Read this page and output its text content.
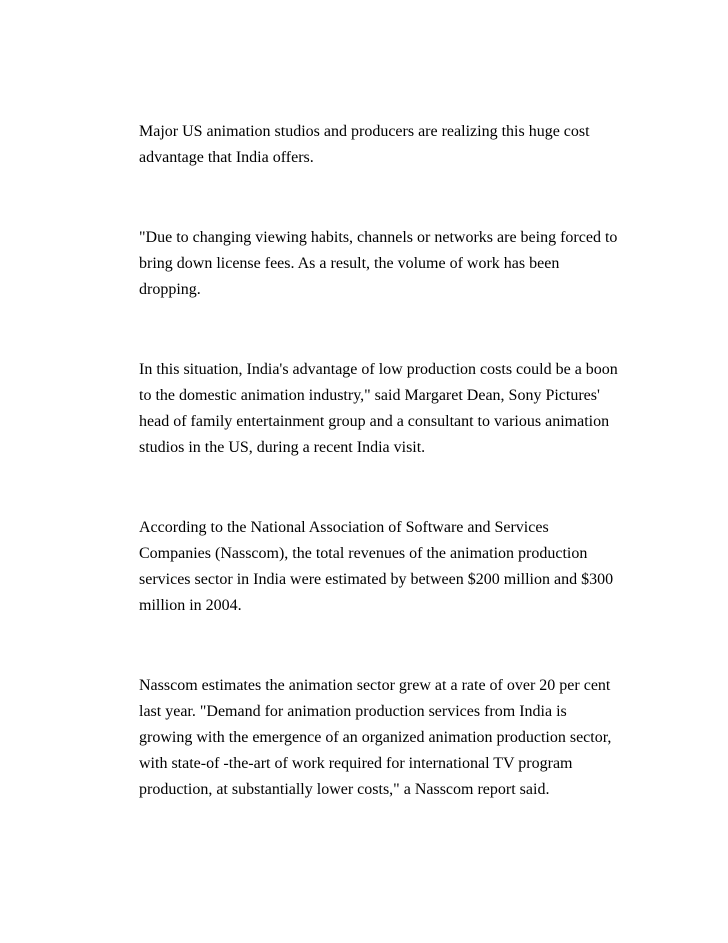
Major US animation studios and producers are realizing this huge cost
advantage that India offers.

"Due to changing viewing habits, channels or networks are being forced to
bring down license fees. As a result, the volume of work has been
dropping.

In this situation, India's advantage of low production costs could be a boon
to the domestic animation industry," said Margaret Dean, Sony Pictures'
head of family entertainment group and a consultant to various animation
studios in the US, during a recent India visit.

According to the National Association of Software and Services
Companies (Nasscom), the total revenues of the animation production
services sector in India were estimated by between $200 million and $300
million in 2004.

Nasscom estimates the animation sector grew at a rate of over 20 per cent
last year. "Demand for animation production services from India is
growing with the emergence of an organized animation production sector,
with state-of -the-art of work required for international TV program
production, at substantially lower costs," a Nasscom report said.
